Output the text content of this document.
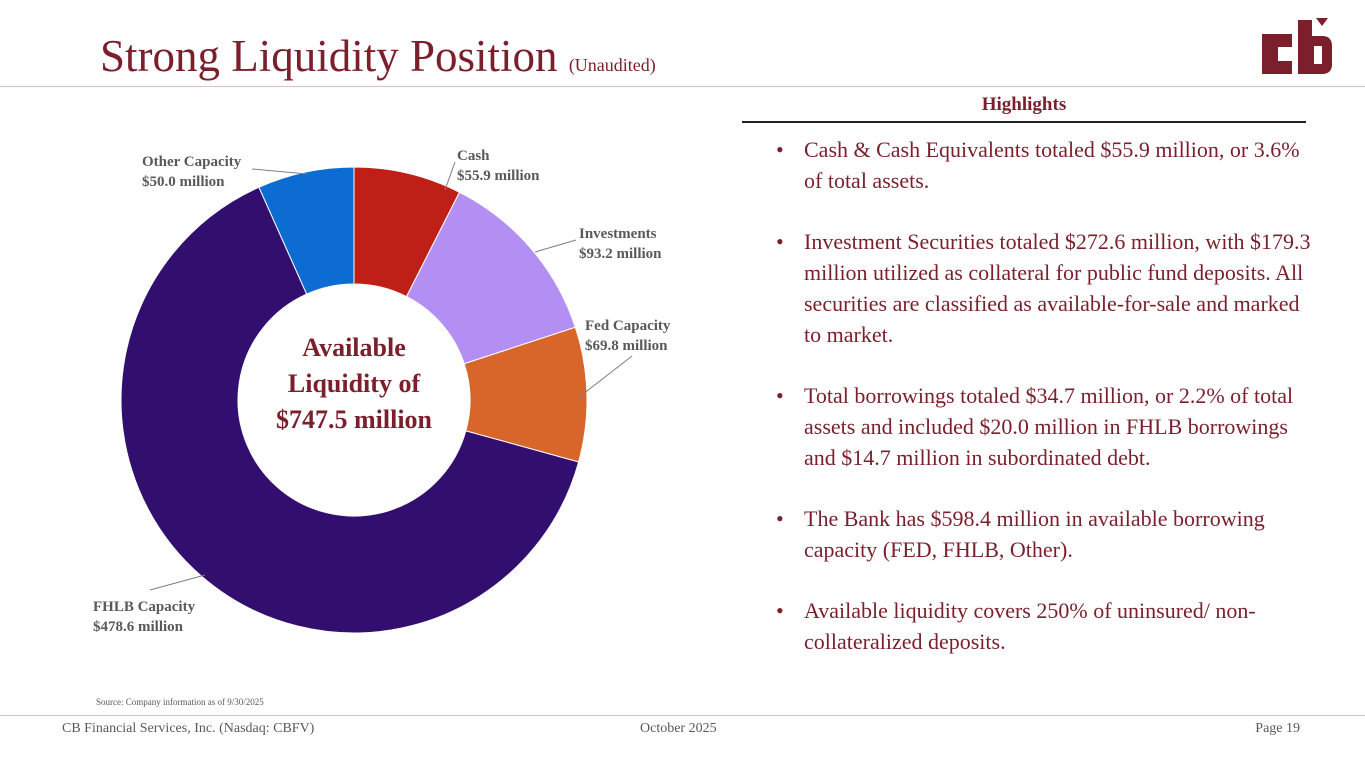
Strong Liquidity Position (Unaudited)
Cash
$55.9 million
Investments
$93.2 million
Fed Capacity
$69.8 million
FHLB Capacity
$478.6 million
Other Capacity
$50.0 million
Available Liquidity of $747.5 million
Highlights
• Cash & Cash Equivalents totaled $55.9 million, or 3.6% of total assets.
• Investment Securities totaled $272.6 million, with $179.3 million utilized as collateral for public fund deposits. All securities are classified as available-for-sale and marked to market.
• Total borrowings totaled $34.7 million, or 2.2% of total assets and included $20.0 million in FHLB borrowings and $14.7 million in subordinated debt.
• The Bank has $598.4 million in available borrowing capacity (FED, FHLB, Other).
• Available liquidity covers 250% of uninsured/ non-collateralized deposits.
Source: Company information as of 9/30/2025
CB Financial Services, Inc. (Nasdaq: CBFV)	October 2025	Page 19
